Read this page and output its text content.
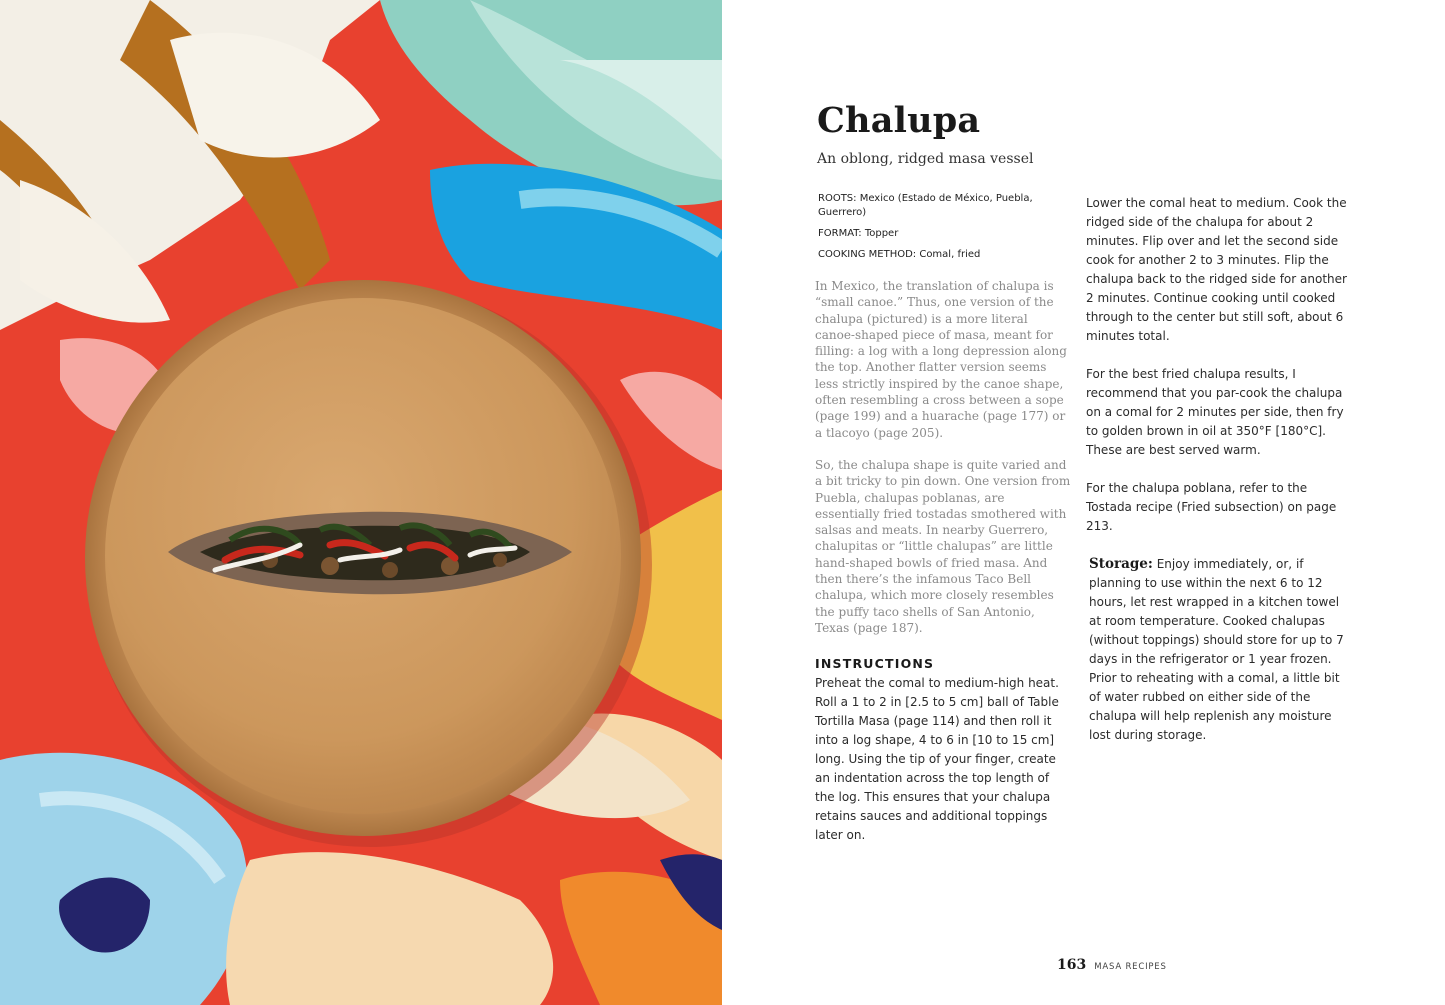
Chalupa
An oblong, ridged masa vessel
ROOTS: Mexico (Estado de México, Puebla, Guerrero)
FORMAT: Topper
COOKING METHOD: Comal, fried

In Mexico, the translation of chalupa is “small canoe.” Thus, one version of the chalupa (pictured) is a more literal canoe-shaped piece of masa, meant for filling: a log with a long depression along the top. Another flatter version seems less strictly inspired by the canoe shape, often resembling a cross between a sope (page 199) and a huarache (page 177) or a tlacoyo (page 205).

So, the chalupa shape is quite varied and a bit tricky to pin down. One version from Puebla, chalupas poblanas, are essentially fried tostadas smothered with salsas and meats. In nearby Guerrero, chalupitas or “little chalupas” are little hand-shaped bowls of fried masa. And then there’s the infamous Taco Bell chalupa, which more closely resembles the puffy taco shells of San Antonio, Texas (page 187).

INSTRUCTIONS

Preheat the comal to medium-high heat. Roll a 1 to 2 in [2.5 to 5 cm] ball of Table Tortilla Masa (page 114) and then roll it into a log shape, 4 to 6 in [10 to 15 cm] long. Using the tip of your finger, create an indentation across the top length of the log. This ensures that your chalupa retains sauces and additional toppings later on.

Lower the comal heat to medium. Cook the ridged side of the chalupa for about 2 minutes. Flip over and let the second side cook for another 2 to 3 minutes. Flip the chalupa back to the ridged side for another 2 minutes. Continue cooking until cooked through to the center but still soft, about 6 minutes total.

For the best fried chalupa results, I recommend that you par-cook the chalupa on a comal for 2 minutes per side, then fry to golden brown in oil at 350°F [180°C]. These are best served warm.

For the chalupa poblana, refer to the Tostada recipe (Fried subsection) on page 213.

Storage: Enjoy immediately, or, if planning to use within the next 6 to 12 hours, let rest wrapped in a kitchen towel at room temperature. Cooked chalupas (without toppings) should store for up to 7 days in the refrigerator or 1 year frozen. Prior to reheating with a comal, a little bit of water rubbed on either side of the chalupa will help replenish any moisture lost during storage.

163 MASA RECIPES
